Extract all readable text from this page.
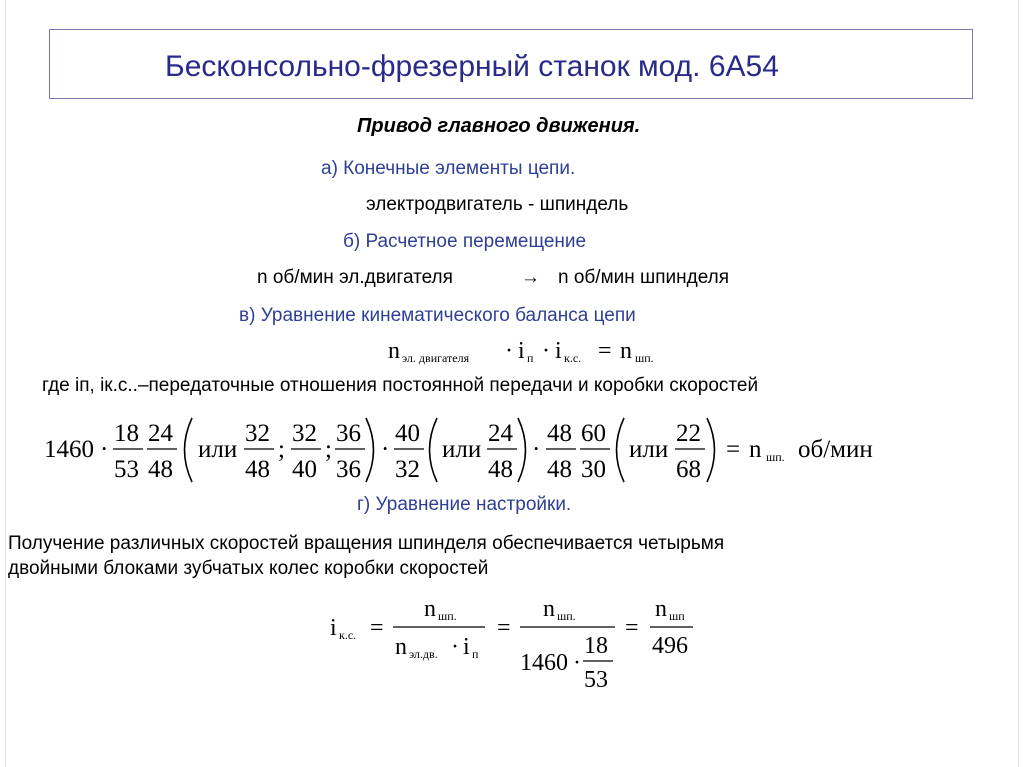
Бесконсольно-фрезерный станок мод. 6А54
Привод главного движения.
а) Конечные элементы цепи.
электродвигатель - шпиндель
б) Расчетное перемещение
n об/мин эл.двигателя	→ n об/мин шпинделя
в) Уравнение кинематического баланса цепи
n эл. двигателя · i п · i к.с. = n шп.
где iп, iк.с..–передаточные отношения постоянной передачи и коробки скоростей
1460 ·
18
53
24
48
или
32
48
;
32
40
;
36
36
·
40
32
или
24
48
·
48
48
60
30
или
22
68
= n шп. об/мин
г) Уравнение настройки.
Получение различных скоростей вращения шпинделя обеспечивается четырьмя
двойными блоками зубчатых колес коробки скоростей
i к.с. =
n шп.
n эл.дв. · i п
=
n шп.
1460 ·
18
53
=
n шп
496
